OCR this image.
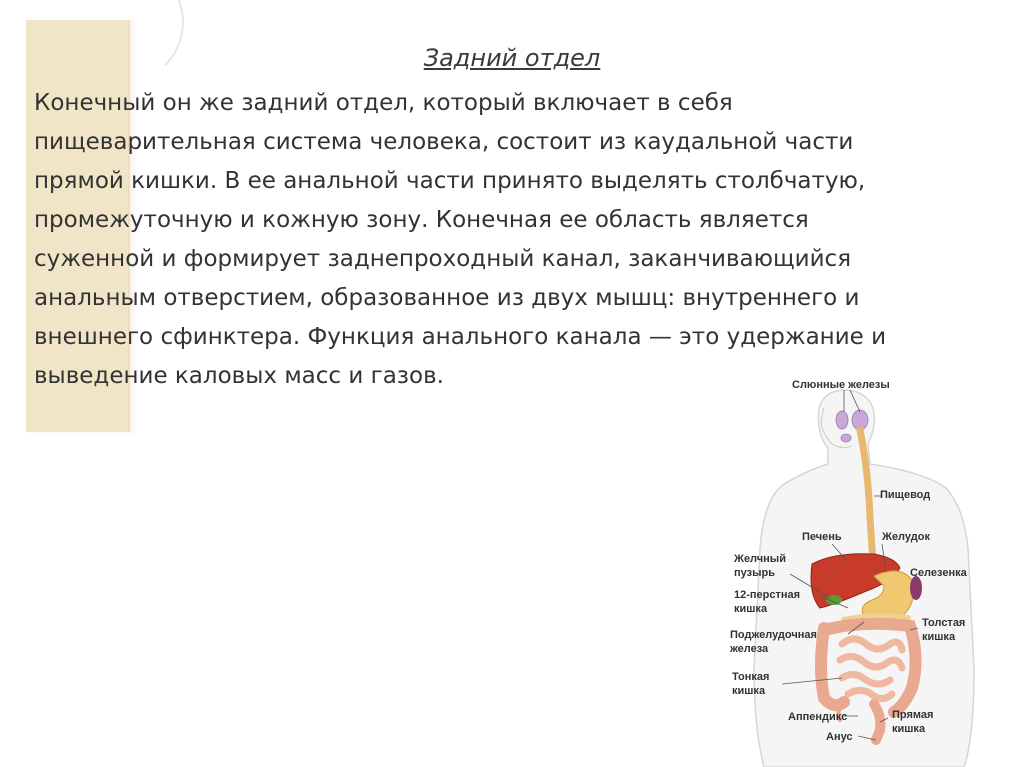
Задний отдел

Конечный он же задний отдел, который включает в себя

пищеварительная система человека, состоит из каудальной части

прямой кишки. В ее анальной части принято выделять столбчатую,

промежуточную и кожную зону. Конечная ее область является

суженной и формирует заднепроходный канал, заканчивающийся

анальным отверстием, образованное из двух мышц: внутреннего и

внешнего сфинктера. Функция анального канала — это удержание и

выведение каловых масс и газов.	Слюнные железы
Пищевод
Печень	Желудок
Желчный
пузырь	Селезенка
12-перстная
кишка
Толстая
кишка
Поджелудочная
железа
Тонкая
кишка
Аппендикс	Прямая
кишка
Анус
